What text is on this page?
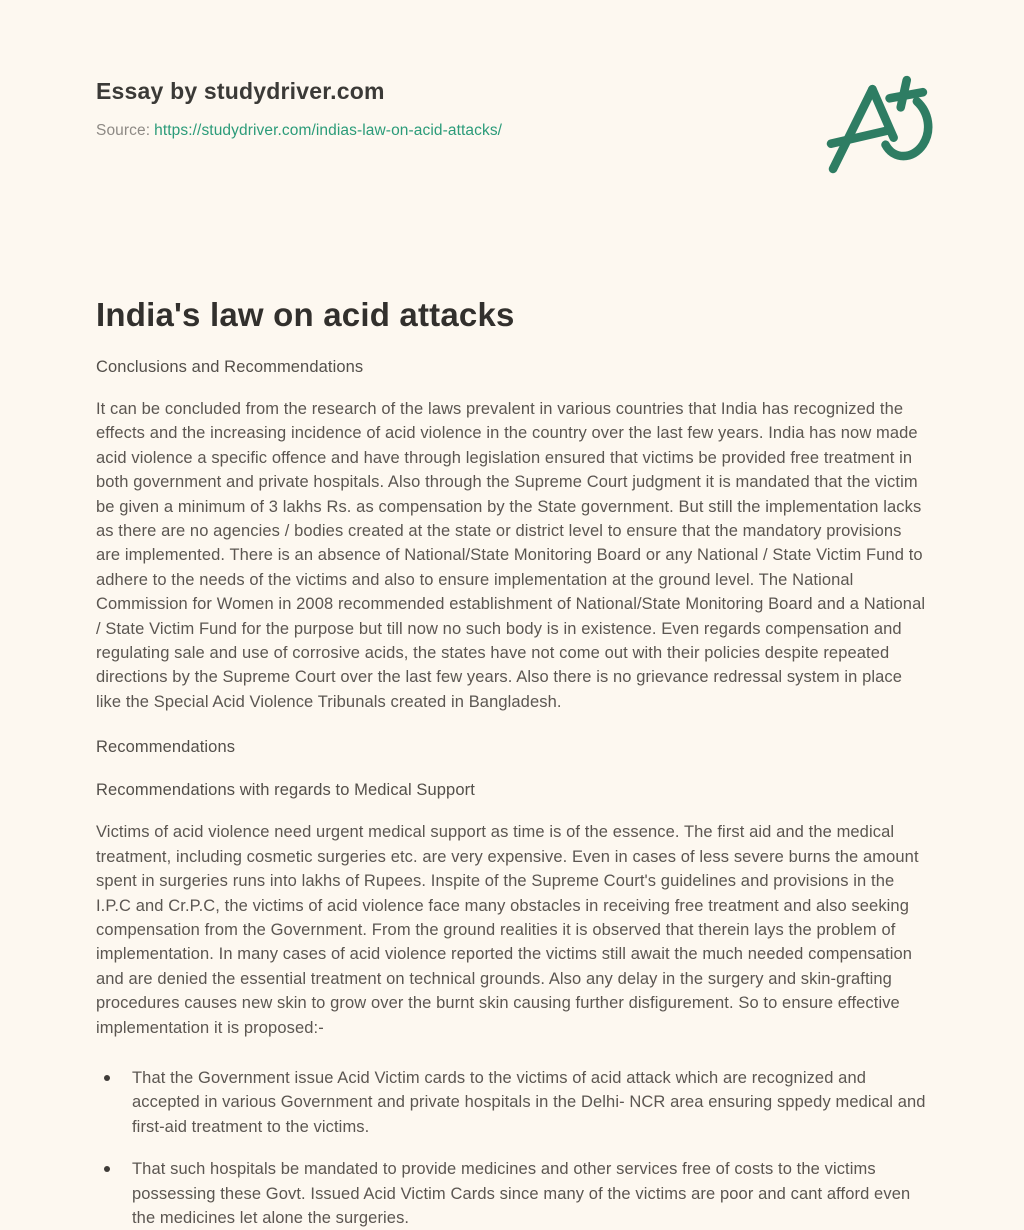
Essay by studydriver.com
Source: https://studydriver.com/indias-law-on-acid-attacks/
India's law on acid attacks
Conclusions and Recommendations

It can be concluded from the research of the laws prevalent in various countries that India has recognized the effects and the increasing incidence of acid violence in the country over the last few years. India has now made acid violence a specific offence and have through legislation ensured that victims be provided free treatment in both government and private hospitals. Also through the Supreme Court judgment it is mandated that the victim be given a minimum of 3 lakhs Rs. as compensation by the State government. But still the implementation lacks as there are no agencies / bodies created at the state or district level to ensure that the mandatory provisions are implemented. There is an absence of National/State Monitoring Board or any National / State Victim Fund to adhere to the needs of the victims and also to ensure implementation at the ground level. The National Commission for Women in 2008 recommended establishment of National/State Monitoring Board and a National / State Victim Fund for the purpose but till now no such body is in existence. Even regards compensation and regulating sale and use of corrosive acids, the states have not come out with their policies despite repeated directions by the Supreme Court over the last few years. Also there is no grievance redressal system in place like the Special Acid Violence Tribunals created in Bangladesh.

Recommendations
Recommendations with regards to Medical Support

Victims of acid violence need urgent medical support as time is of the essence. The first aid and the medical treatment, including cosmetic surgeries etc. are very expensive. Even in cases of less severe burns the amount spent in surgeries runs into lakhs of Rupees. Inspite of the Supreme Court's guidelines and provisions in the I.P.C and Cr.P.C, the victims of acid violence face many obstacles in receiving free treatment and also seeking compensation from the Government. From the ground realities it is observed that therein lays the problem of implementation. In many cases of acid violence reported the victims still await the much needed compensation and are denied the essential treatment on technical grounds. Also any delay in the surgery and skin-grafting procedures causes new skin to grow over the burnt skin causing further disfigurement. So to ensure effective implementation it is proposed:-

That the Government issue Acid Victim cards to the victims of acid attack which are recognized and accepted in various Government and private hospitals in the Delhi- NCR area ensuring sppedy medical and first-aid treatment to the victims.
That such hospitals be mandated to provide medicines and other services free of costs to the victims possessing these Govt. Issued Acid Victim Cards since many of the victims are poor and cant afford even the medicines let alone the surgeries.
